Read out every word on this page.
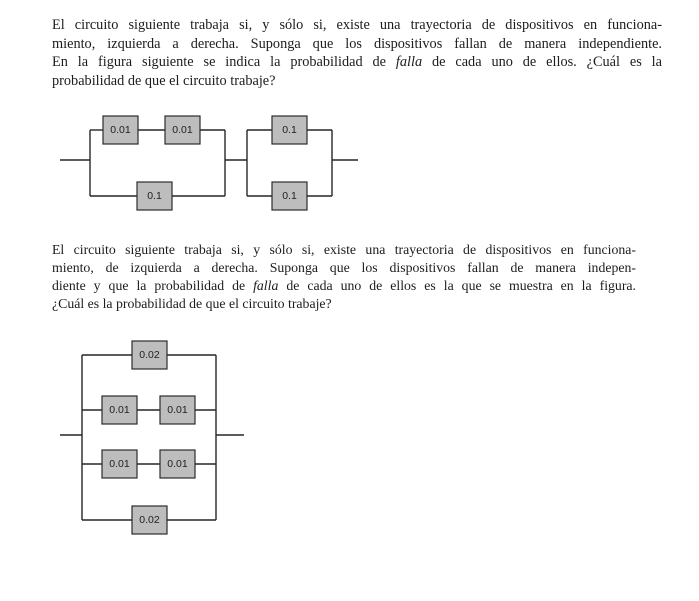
El circuito siguiente trabaja si, y sólo si, existe una trayectoria de dispositivos en funciona-
miento, izquierda a derecha. Suponga que los dispositivos fallan de manera independiente.
En la figura siguiente se indica la probabilidad de falla de cada uno de ellos. ¿Cuál es la
probabilidad de que el circuito trabaje?

0.01	0.01
0.1
0.1
0.1

El circuito siguiente trabaja si, y sólo si, existe una trayectoria de dispositivos en funciona-
miento, de izquierda a derecha. Suponga que los dispositivos fallan de manera indepen-
diente y que la probabilidad de falla de cada uno de ellos es la que se muestra en la figura.
¿Cuál es la probabilidad de que el circuito trabaje?

0.02
0.01	0.01
0.01	0.01
0.02
